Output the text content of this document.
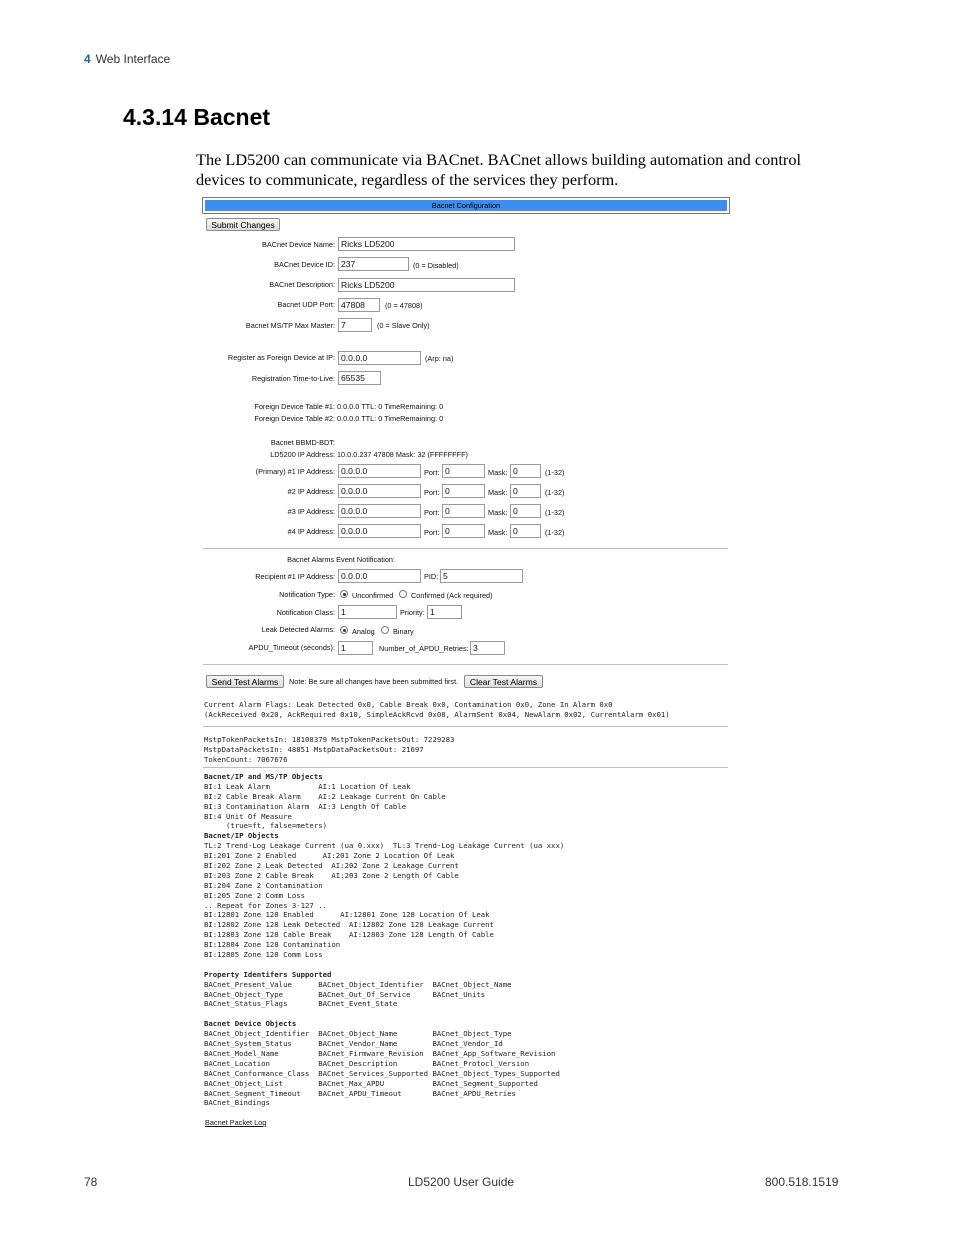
4 Web Interface
4.3.14 Bacnet

The LD5200 can communicate via BACnet. BACnet allows building automation and control devices to communicate, regardless of the services they perform.

Bacnet Configuration
Submit Changes
BACnet Device Name: Ricks LD5200
BACnet Device ID: 237	(0 = Disabled)
BACnet Description: Ricks LD5200
Bacnet UDP Port: 47808	(0 = 47808)
Bacnet MS/TP Max Master: 7	(0 = Slave Only)
Register as Foreign Device at IP: 0.0.0.0	(Arp: na)
Registration Time-to-Live: 65535
Foreign Device Table #1: 0.0.0.0 TTL: 0 TimeRemaining: 0
Foreign Device Table #2: 0.0.0.0 TTL: 0 TimeRemaining: 0
Bacnet BBMD-BDT:
LD5200 IP Address: 10.0.0.237 47808 Mask: 32 (FFFFFFFF)
(Primary) #1 IP Address: 0.0.0.0	Port: 0	Mask: 0	(1-32)
#2 IP Address: 0.0.0.0	Port: 0	Mask: 0	(1-32)
#3 IP Address: 0.0.0.0	Port: 0	Mask: 0	(1-32)
#4 IP Address: 0.0.0.0	Port: 0	Mask: 0	(1-32)
Bacnet Alarms Event Notification:
Recipient #1 IP Address: 0.0.0.0	PID: 5
Notification Type: Unconfirmed Confirmed (Ack required)
Notification Class: 1	Priority: 1
Leak Detected Alarms: Analog	Binary
APDU_Timeout (seconds): 1	Number_of_APDU_Retries: 3
Send Test Alarms	Note: Be sure all changes have been submitted first.	Clear Test Alarms
Current Alarm Flags: Leak Detected 0x0, Cable Break 0x0, Contamination 0x0, Zone In Alarm 0x0
(AckReceived 0x20, AckRequired 0x10, SimpleAckRcvd 0x08, AlarmSent 0x04, NewAlarm 0x02, CurrentAlarm 0x01)
MstpTokenPacketsIn: 18108379 MstpTokenPacketsOut: 7229283
MstpDataPacketsIn: 48851 MstpDataPacketsOut: 21697
TokenCount: 7067676
Bacnet/IP and MS/TP Objects
BI:1 Leak Alarm           AI:1 Location Of Leak
BI:2 Cable Break Alarm    AI:2 Leakage Current On Cable
BI:3 Contamination Alarm  AI:3 Length Of Cable
BI:4 Unit Of Measure
(true=ft, false=meters)
Bacnet/IP Objects
TL:2 Trend-Log Leakage Current (ua 0.xxx)  TL:3 Trend-Log Leakage Current (ua xxx)
BI:201 Zone 2 Enabled      AI:201 Zone 2 Location Of Leak
BI:202 Zone 2 Leak Detected  AI:202 Zone 2 Leakage Current
BI:203 Zone 2 Cable Break    AI:203 Zone 2 Length Of Cable
BI:204 Zone 2 Contamination
BI:205 Zone 2 Comm Loss
.. Repeat for Zones 3-127 ..
BI:12801 Zone 128 Enabled      AI:12801 Zone 128 Location Of Leak
BI:12802 Zone 128 Leak Detected  AI:12802 Zone 128 Leakage Current
BI:12803 Zone 128 Cable Break    AI:12803 Zone 128 Length Of Cable
BI:12804 Zone 128 Contamination
BI:12805 Zone 128 Comm Loss
Property Identifers Supported
BACnet_Present_Value      BACnet_Object_Identifier  BACnet_Object_Name
BACnet_Object_Type        BACnet_Out_Of_Service     BACnet_Units
BACnet_Status_Flags       BACnet_Event_State
Bacnet Device Objects
BACnet_Object_Identifier  BACnet_Object_Name        BACnet_Object_Type
BACnet_System_Status      BACnet_Vendor_Name        BACnet_Vendor_Id
BACnet_Model_Name         BACnet_Firmware_Revision  BACnet_App_Software_Revision
BACnet_Location           BACnet_Description        BACnet_Protocl_Version
BACnet_Conformance_Class  BACnet_Services_Supported BACnet_Object_Types_Supported
BACnet_Object_List        BACnet_Max_APDU           BACnet_Segment_Supported
BACnet_Segment_Timeout    BACnet_APDU_Timeout       BACnet_APDU_Retries
BACnet_Bindings
Bacnet Packet Log
78	LD5200 User Guide	800.518.1519
